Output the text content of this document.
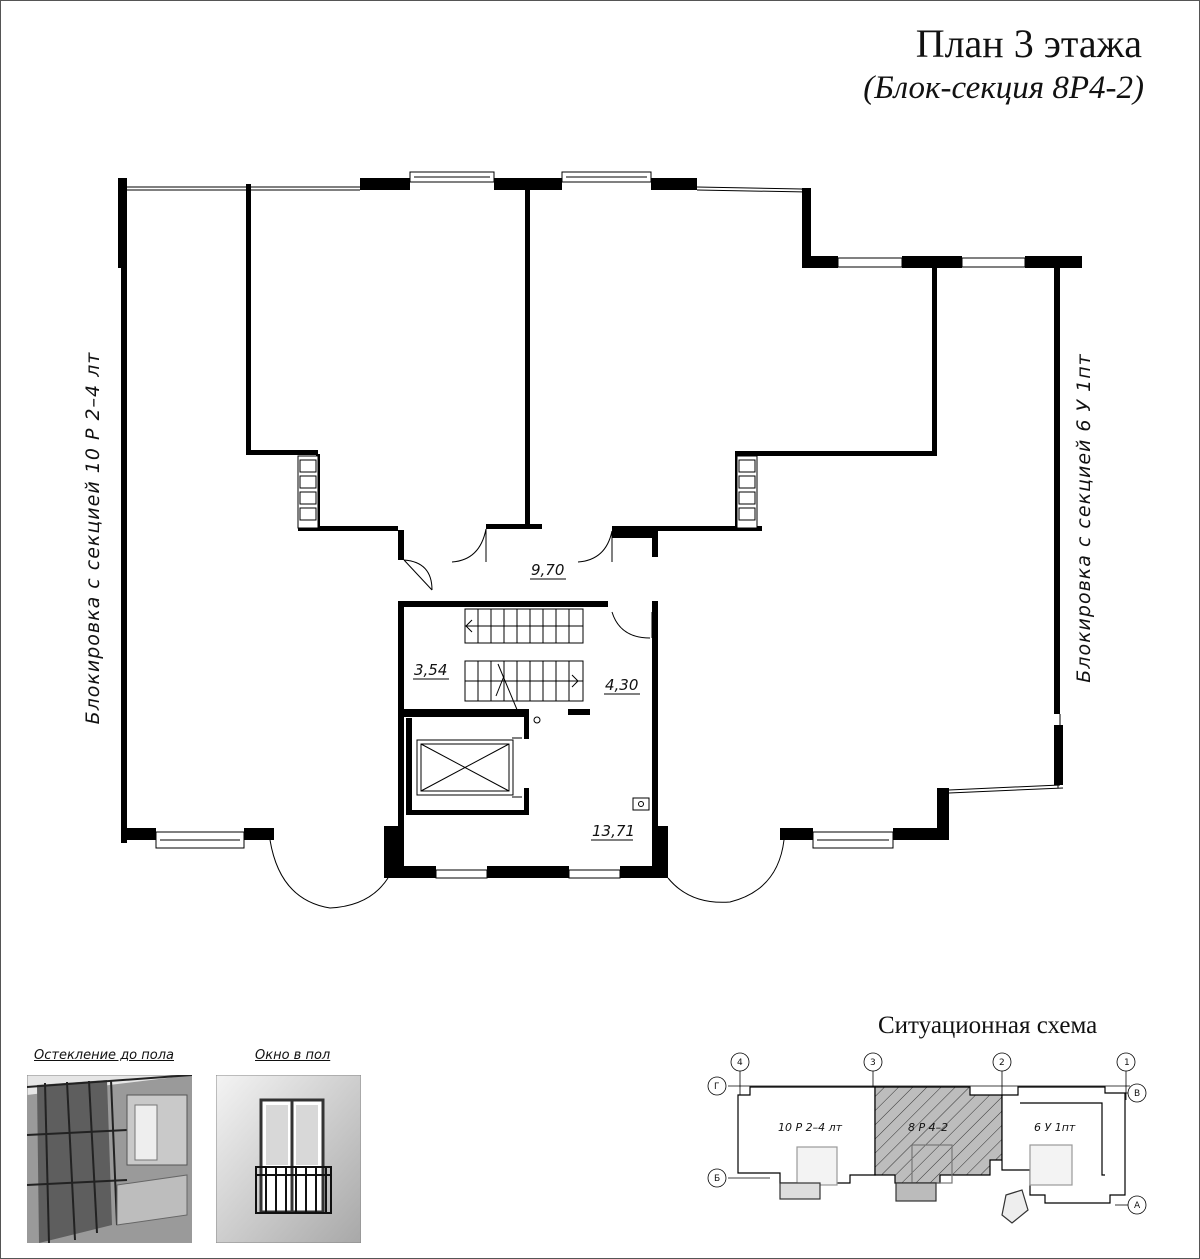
План 3 этажа
(Блок-секция 8Р4-2)
9,70
3,54
4,30
13,71
Блокировка с секцией 10 Р 2–4 лт	Блокировка с секцией 6 У 1пт
Остекление до пола	Окно в пол
Ситуационная схема
4	3	2	1
Г
Б
В
А
10 Р 2–4 лт	8 Р 4–2	6 У 1пт
